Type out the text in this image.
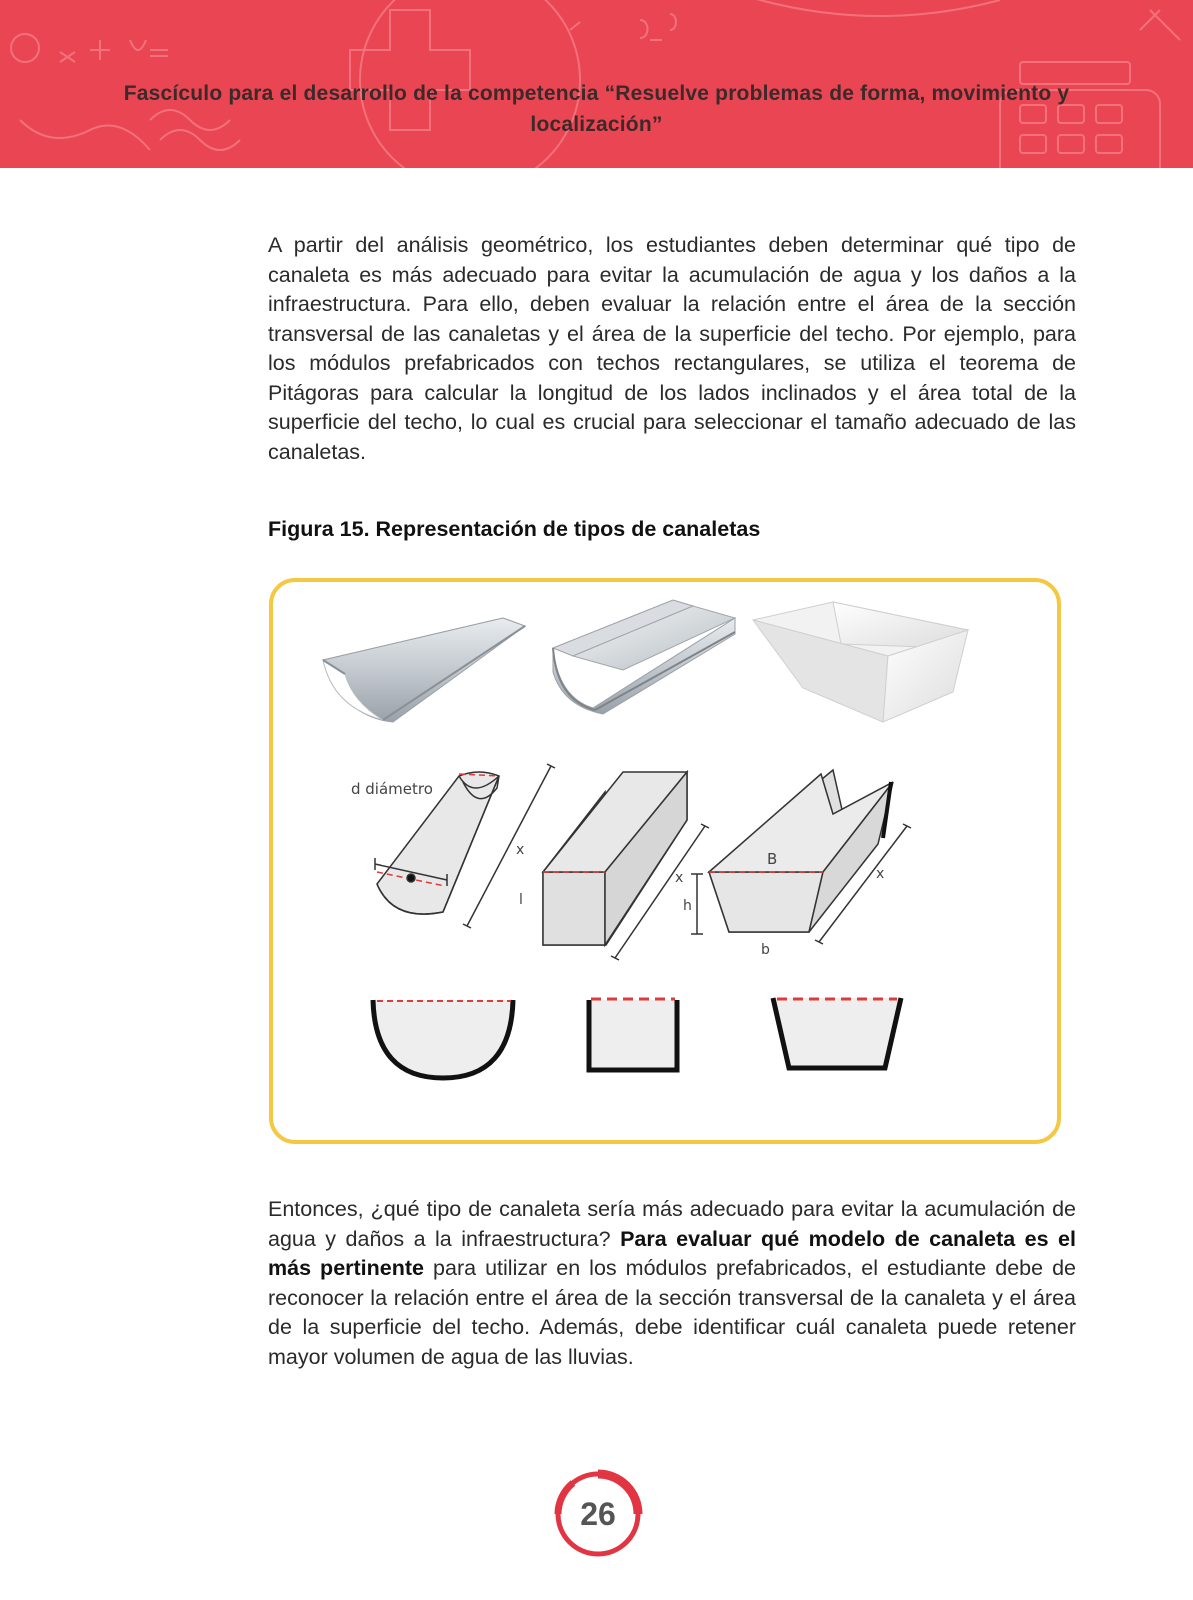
Fascículo para el desarrollo de la competencia “Resuelve problemas de forma, movimiento y localización”
A partir del análisis geométrico, los estudiantes deben determinar qué tipo de canaleta es más adecuado para evitar la acumulación de agua y los daños a la infraestructura. Para ello, deben evaluar la relación entre el área de la sección transversal de las canaletas y el área de la superficie del techo. Por ejemplo, para los módulos prefabricados con techos rectangulares, se utiliza el teorema de Pitágoras para calcular la longitud de los lados inclinados y el área total de la superficie del techo, lo cual es crucial para seleccionar el tamaño adecuado de las canaletas.
Figura 15. Representación de tipos de canaletas
d diámetro
x
l
x
B
h
b
x
Entonces, ¿qué tipo de canaleta sería más adecuado para evitar la acumulación de agua y daños a la infraestructura? Para evaluar qué modelo de canaleta es el más pertinente para utilizar en los módulos prefabricados, el estudiante debe de reconocer la relación entre el área de la sección transversal de la canaleta y el área de la superficie del techo. Además, debe identificar cuál canaleta puede retener mayor volumen de agua de las lluvias.
26
